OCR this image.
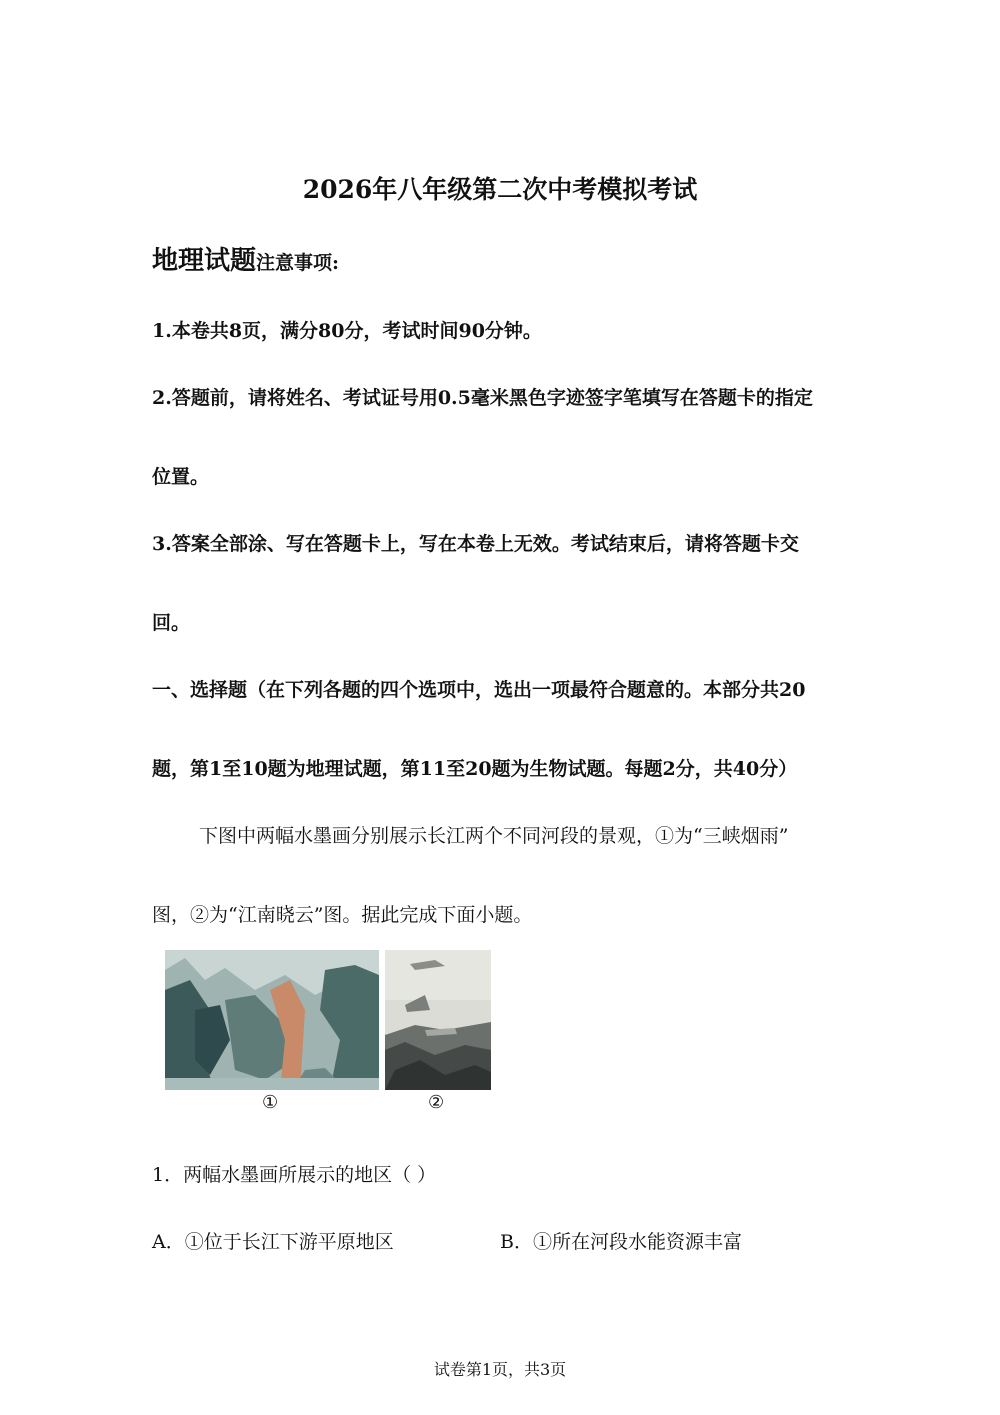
2026年八年级第二次中考模拟考试
地理试题注意事项:
1.本卷共8页，满分80分，考试时间90分钟。
2.答题前，请将姓名、考试证号用0.5毫米黑色字迹签字笔填写在答题卡的指定
位置。
3.答案全部涂、写在答题卡上，写在本卷上无效。考试结束后，请将答题卡交
回。
一、选择题（在下列各题的四个选项中，选出一项最符合题意的。本部分共20
题，第1至10题为地理试题，第11至20题为生物试题。每题2分，共40分）
下图中两幅水墨画分别展示长江两个不同河段的景观，①为“三峡烟雨”
图，②为“江南晓云”图。据此完成下面小题。
①	②
1．两幅水墨画所展示的地区（ ）
A．①位于长江下游平原地区	B．①所在河段水能资源丰富
试卷第1页，共3页
